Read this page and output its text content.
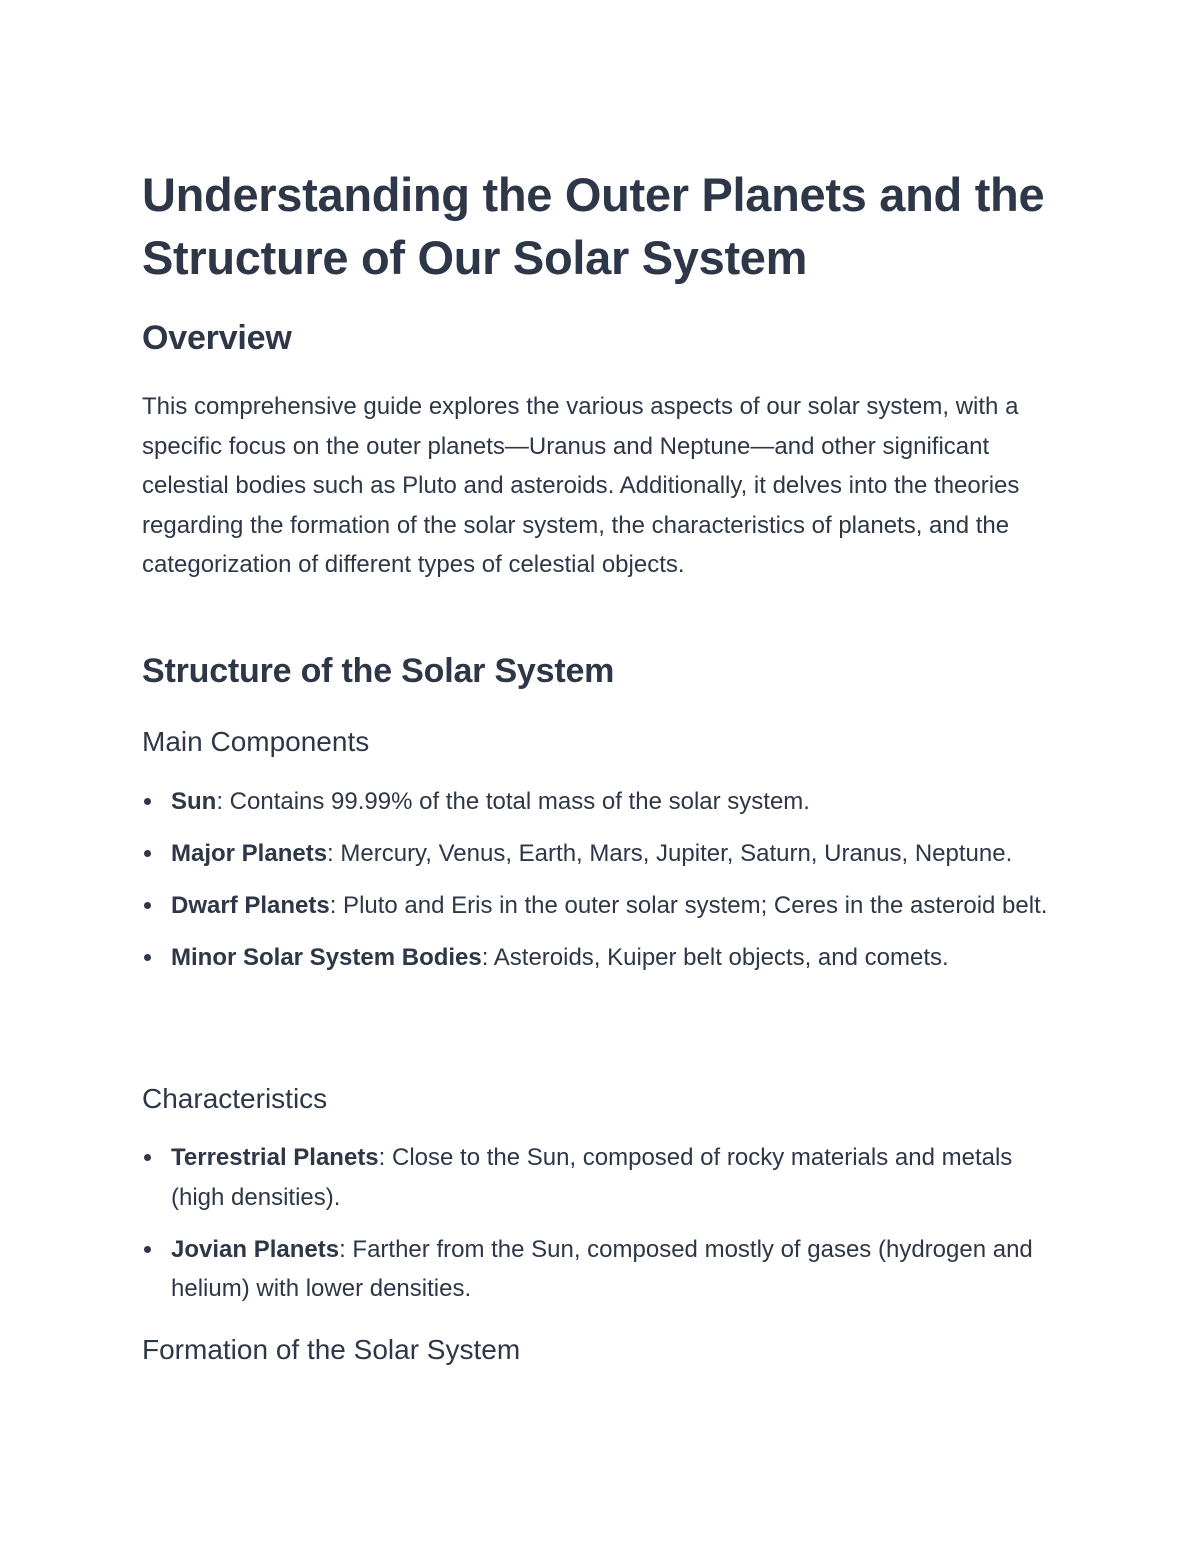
Understanding the Outer Planets and the Structure of Our Solar System
Overview

This comprehensive guide explores the various aspects of our solar system, with a specific focus on the outer planets—Uranus and Neptune—and other significant celestial bodies such as Pluto and asteroids. Additionally, it delves into the theories regarding the formation of the solar system, the characteristics of planets, and the categorization of different types of celestial objects.

Structure of the Solar System
Main Components
Sun: Contains 99.99% of the total mass of the solar system.
Major Planets: Mercury, Venus, Earth, Mars, Jupiter, Saturn, Uranus, Neptune.
Dwarf Planets: Pluto and Eris in the outer solar system; Ceres in the asteroid belt.
Minor Solar System Bodies: Asteroids, Kuiper belt objects, and comets.
Characteristics
Terrestrial Planets: Close to the Sun, composed of rocky materials and metals (high densities).
Jovian Planets: Farther from the Sun, composed mostly of gases (hydrogen and helium) with lower densities.
Formation of the Solar System
